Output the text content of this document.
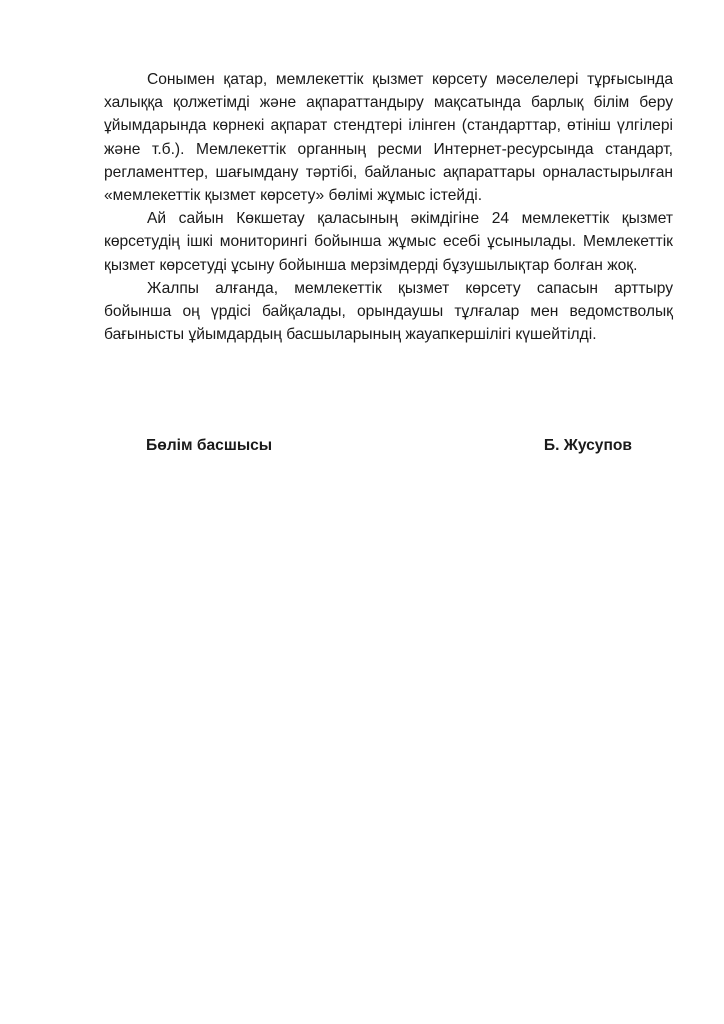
Сонымен қатар, мемлекеттік қызмет көрсету мәселелері тұрғысында халыққа қолжетімді және ақпараттандыру мақсатында барлық білім беру ұйымдарында көрнекі ақпарат стендтері ілінген (стандарттар, өтініш үлгілері және т.б.). Мемлекеттік органның ресми Интернет-ресурсында стандарт, регламенттер, шағымдану тәртібі, байланыс ақпараттары орналастырылған «мемлекеттік қызмет көрсету» бөлімі жұмыс істейді.

Ай сайын Көкшетау қаласының әкімдігіне 24 мемлекеттік қызмет көрсетудің ішкі мониторингі бойынша жұмыс есебі ұсынылады. Мемлекеттік қызмет көрсетуді ұсыну бойынша мерзімдерді бұзушылықтар болған жоқ.

Жалпы алғанда, мемлекеттік қызмет көрсету сапасын арттыру бойынша оң үрдісі байқалады, орындаушы тұлғалар мен ведомстволық бағынысты ұйымдардың басшыларының жауапкершілігі күшейтілді.

Бөлім басшысы	Б. Жусупов
